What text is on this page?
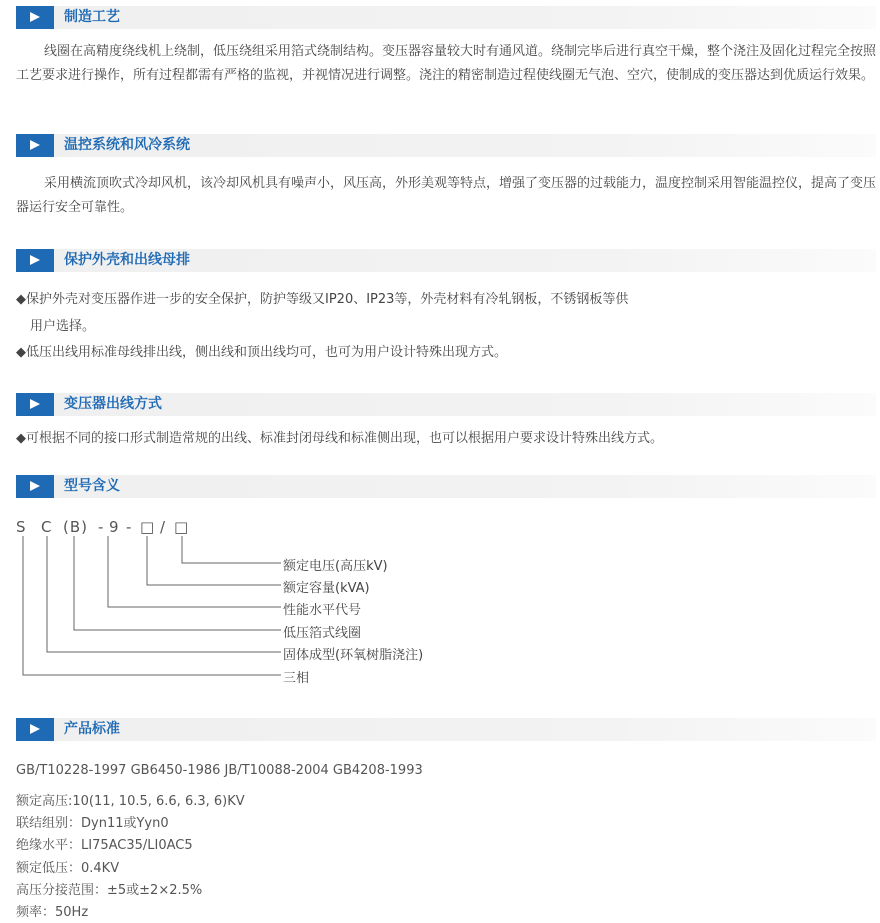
制造工艺

线圈在高精度绕线机上绕制，低压绕组采用箔式绕制结构。变压器容量较大时有通风道。绕制完毕后进行真空干燥，整个浇注及固化过程完全按照工艺要求进行操作，所有过程都需有严格的监视，并视情况进行调整。浇注的精密制造过程使线圈无气泡、空穴，使制成的变压器达到优质运行效果。

温控系统和风冷系统

采用横流顶吹式冷却风机，该冷却风机具有噪声小，风压高，外形美观等特点，增强了变压器的过载能力，温度控制采用智能温控仪，提高了变压器运行安全可靠性。

保护外壳和出线母排
◆保护外壳对变压器作进一步的安全保护，防护等级又IP20、IP23等，外壳材料有冷轧钢板，不锈钢板等供
用户选择。
◆低压出线用标准母线排出线，侧出线和顶出线均可，也可为用户设计特殊出现方式。
变压器出线方式
◆可根据不同的接口形式制造常规的出线、标准封闭母线和标准侧出现，也可以根据用户要求设计特殊出线方式。
型号含义
S C (B) - 9 - □ / □
额定电压(高压kV)
额定容量(kVA)
性能水平代号
低压箔式线圈
固体成型(环氧树脂浇注)
三相
产品标准
GB/T10228-1997 GB6450-1986 JB/T10088-2004 GB4208-1993
额定高压:10(11, 10.5, 6.6, 6.3, 6)KV
联结组别：Dyn11或Yyn0
绝缘水平：LI75AC35/LI0AC5
额定低压：0.4KV
高压分接范围：±5或±2×2.5%
频率：50Hz
